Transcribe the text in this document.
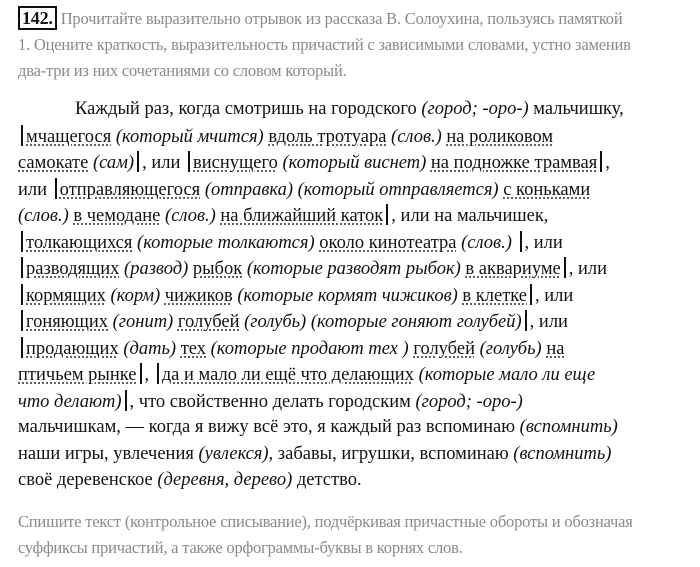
142. Прочитайте выразительно отрывок из рассказа В. Солоухина, пользуясь памяткой
1. Оцените краткость, выразительность причастий с зависимыми словами, устно заменив
два-три из них сочетаниями со словом который.
Каждый раз, когда смотришь на городского (город; -оро-) мальчишку,
мчащегося (который мчится) вдоль тротуара (слов.) на роликовом
самокате (сам) , или виснущего (который виснет) на подножке трамвая ,
или отправляющегося (отправка) (который отправляется) с коньками
(слов.) в чемодане (слов.) на ближайший каток , или на мальчишек,
толкающихся (которые толкаются) около кинотеатра (слов.) , или
разводящих (развод) рыбок (которые разводят рыбок) в аквариуме , или
кормящих (корм) чижиков (которые кормят чижиков) в клетке , или
гоняющих (гонит) голубей (голубь) (которые гоняют голубей) , или
продающих (дать) тех (которые продают тех ) голубей (голубь) на
птичьем рынке , да и мало ли ещё что делающих (которые мало ли еще
что делают) , что свойственно делать городским (город; -оро-)
мальчишкам, — когда я вижу всё это, я каждый раз вспоминаю (вспомнить)
наши игры, увлечения (увлекся), забавы, игрушки, вспоминаю (вспомнить)
своё деревенское (деревня, дерево) детство.
Спишите текст (контрольное списывание), подчёркивая причастные обороты и обозначая
суффиксы причастий, а также орфограммы-буквы в корнях слов.
